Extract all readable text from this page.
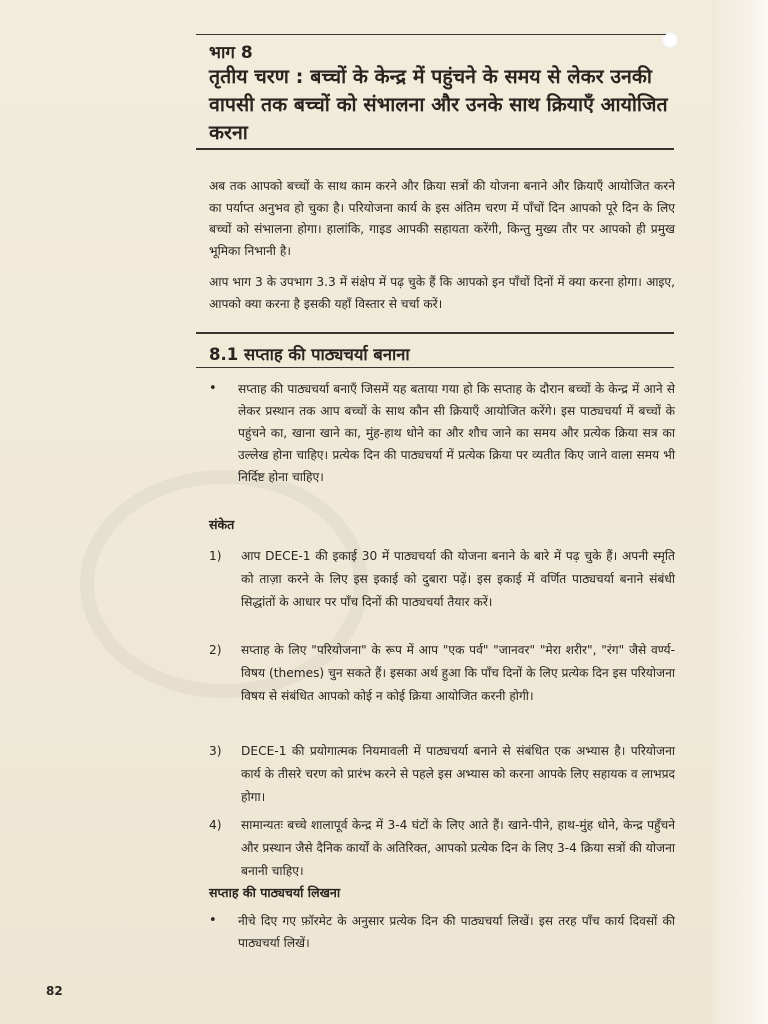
भाग 8
तृतीय चरण : बच्चों के केन्द्र में पहुंचने के समय से लेकर उनकी वापसी तक बच्चों को संभालना और उनके साथ क्रियाएँ आयोजित करना

अब तक आपको बच्चों के साथ काम करने और क्रिया सत्रों की योजना बनाने और क्रियाएँ आयोजित करने का पर्याप्त अनुभव हो चुका है। परियोजना कार्य के इस अंतिम चरण में पाँचों दिन आपको पूरे दिन के लिए बच्चों को संभालना होगा। हालांकि, गाइड आपकी सहायता करेंगी, किन्तु मुख्य तौर पर आपको ही प्रमुख भूमिका निभानी है।

आप भाग 3 के उपभाग 3.3 में संक्षेप में पढ़ चुके हैं कि आपको इन पाँचों दिनों में क्या करना होगा। आइए, आपको क्या करना है इसकी यहाँ विस्तार से चर्चा करें।

8.1 सप्ताह की पाठ्यचर्या बनाना
•	सप्ताह की पाठ्यचर्या बनाएँ जिसमें यह बताया गया हो कि सप्ताह के दौरान बच्चों के केन्द्र में आने से लेकर प्रस्थान तक आप बच्चों के साथ कौन सी क्रियाएँ आयोजित करेंगे। इस पाठ्यचर्या में बच्चों के पहुंचने का, खाना खाने का, मुंह-हाथ धोने का और शौच जाने का समय और प्रत्येक क्रिया सत्र का उल्लेख होना चाहिए। प्रत्येक दिन की पाठ्यचर्या में प्रत्येक क्रिया पर व्यतीत किए जाने वाला समय भी निर्दिष्ट होना चाहिए।
संकेत
1)	आप DECE-1 की इकाई 30 में पाठ्यचर्या की योजना बनाने के बारे में पढ़ चुके हैं। अपनी स्मृति को ताज़ा करने के लिए इस इकाई को दुबारा पढ़ें। इस इकाई में वर्णित पाठ्यचर्या बनाने संबंधी सिद्धांतों के आधार पर पाँच दिनों की पाठ्यचर्या तैयार करें।
2)	सप्ताह के लिए "परियोजना" के रूप में आप "एक पर्व" "जानवर" "मेरा शरीर", "रंग" जैसे वर्ण्य-विषय (themes) चुन सकते हैं। इसका अर्थ हुआ कि पाँच दिनों के लिए प्रत्येक दिन इस परियोजना विषय से संबंधित आपको कोई न कोई क्रिया आयोजित करनी होगी।
3)	DECE-1 की प्रयोगात्मक नियमावली में पाठ्यचर्या बनाने से संबंधित एक अभ्यास है। परियोजना कार्य के तीसरे चरण को प्रारंभ करने से पहले इस अभ्यास को करना आपके लिए सहायक व लाभप्रद होगा।
4)	सामान्यतः बच्चे शालापूर्व केन्द्र में 3-4 घंटों के लिए आते हैं। खाने-पीने, हाथ-मुंह धोने, केन्द्र पहुँचने और प्रस्थान जैसे दैनिक कार्यों के अतिरिक्त, आपको प्रत्येक दिन के लिए 3-4 क्रिया सत्रों की योजना बनानी चाहिए।
सप्ताह की पाठ्यचर्या लिखना
•	नीचे दिए गए फ़ॉरमेट के अनुसार प्रत्येक दिन की पाठ्यचर्या लिखें। इस तरह पाँच कार्य दिवसों की पाठ्यचर्या लिखें।
82
